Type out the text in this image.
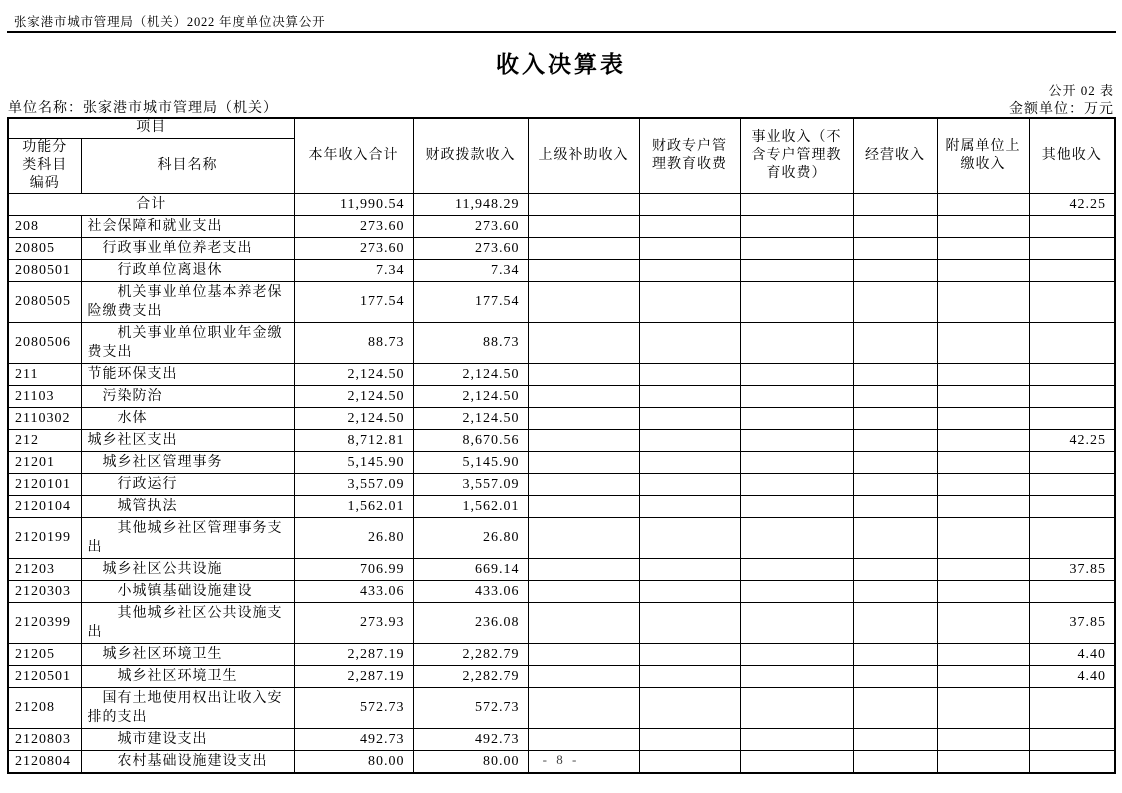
张家港市城市管理局（机关）2022 年度单位决算公开
收入决算表
公开 02 表
单位名称：张家港市城市管理局（机关）	金额单位：万元
项目		本年收入合计	财政拨款收入	上级补助收入	财政专户管理教育收费	事业收入（不含专户管理教育收费）	经营收入	附属单位上缴收入	其他收入
功能分类科目编码	科目名称								
合计		11,990.54	11,948.29						42.25
208	社会保障和就业支出	273.60	273.60						
20805	行政事业单位养老支出	273.60	273.60						
2080501	行政单位离退休	7.34	7.34						
2080505	机关事业单位基本养老保险缴费支出	177.54	177.54						
2080506	机关事业单位职业年金缴费支出	88.73	88.73						
211	节能环保支出	2,124.50	2,124.50						
21103	污染防治	2,124.50	2,124.50						
2110302	水体	2,124.50	2,124.50						
212	城乡社区支出	8,712.81	8,670.56						42.25
21201	城乡社区管理事务	5,145.90	5,145.90						
2120101	行政运行	3,557.09	3,557.09						
2120104	城管执法	1,562.01	1,562.01						
2120199	其他城乡社区管理事务支出	26.80	26.80						
21203	城乡社区公共设施	706.99	669.14						37.85
2120303	小城镇基础设施建设	433.06	433.06						
2120399	其他城乡社区公共设施支出	273.93	236.08						37.85
21205	城乡社区环境卫生	2,287.19	2,282.79						4.40
2120501	城乡社区环境卫生	2,287.19	2,282.79						4.40
21208	国有土地使用权出让收入安排的支出	572.73	572.73						
2120803	城市建设支出	492.73	492.73						
2120804	农村基础设施建设支出	80.00	80.00							- 8 -
